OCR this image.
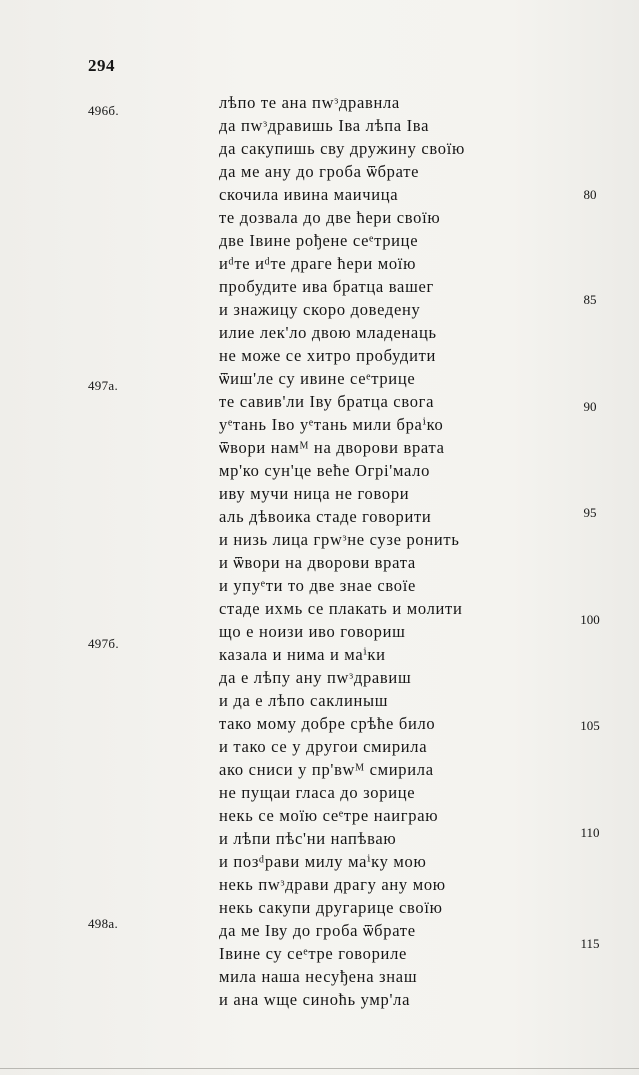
294
496б.
497а.
497б.
498а.
лѣпо те ана пwᶟдравнла
да пwᶟдравишь Іва лѣпа Іва
да сакупишь сву дружину своїю
да ме ану до гроба ѿбрате
скочила ивина маичица
те дозвала до две ћери своїю
две Івине рођене сеᵉтрице
иᵈте иᵈте драге ћери моїю
пробудите ива братца вашег
и знажицу скоро доведену
илие лек'ло двою младенаць
не може се хитро пробудити
ѿиш'ле су ивине сеᵉтрице
те савив'ли Іву братца свога
уᵉтань Іво уᵉтань мили браⁱко
ѿвори намᴹ на дворови врата
мр'ко сун'це веће Огрі'мало
иву мучи ница не говори
аль дѣвоика стаде говорити
и низь лица грwᶟне сузе ронить
и ѿвори на дворови врата
и упуᵉти то две знае своїе
стаде ихмь се плакать и молити
що е ноизи иво говориш
казала и нима и маⁱки
да е лѣпу ану пwᶟдравиш
и да е лѣпо саклиныш
тако мому добре срѣће било
и тако се у другои смирила
ако сниси у пр'вwᴹ смирила
не пущаи гласа до зорице
некь се моїю сеᵉтре наиграю
и лѣпи пѣс'ни напѣваю
и позᵈрави милу маⁱку мою
некь пwᶟдрави драгу ану мою
некь сакупи другарице своїю
да ме Іву до гроба ѿбрате
Івине су сеᵉтре говориле
мила наша несуђена знаш
и ана wще синоћь умр'ла
80
85
90
95
100
105
110
115
